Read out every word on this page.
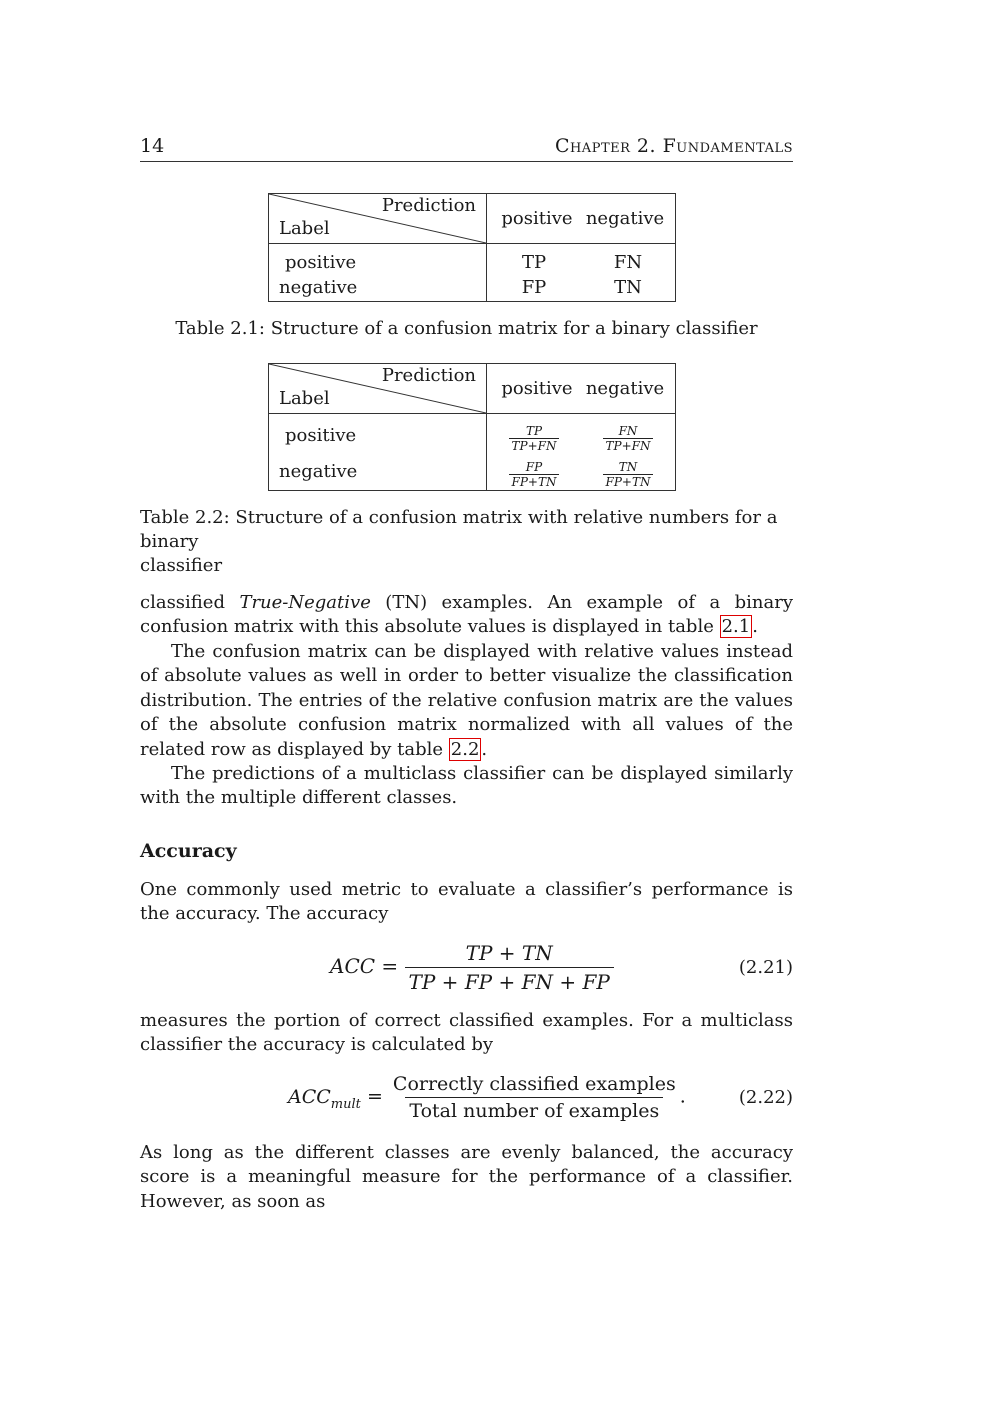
14	Chapter 2. Fundamentals
Prediction
Label	positive	negative
positive	TP	FN
negative	FP	TN
Table 2.1: Structure of a confusion matrix for a binary classifier
Prediction
Label	positive	negative
positive	$\frac{TP}{TP+FN}$	$\frac{FN}{TP+FN}$

negative	$\frac{FP}{FP+TN}$	$\frac{TN}{FP+TN}$
Table 2.2: Structure of a confusion matrix with relative numbers for a binary
classifier
classified True-Negative (TN) examples. An example of a binary confusion matrix with this absolute values is displayed in table 2.1 .
The confusion matrix can be displayed with relative values instead of absolute values as well in order to better visualize the classification distribution. The entries of the relative confusion matrix are the values of the absolute confusion matrix normalized with all values of the related row as displayed by table 2.2 .
The predictions of a multiclass classifier can be displayed similarly with the multiple different classes.
Accuracy
One commonly used metric to evaluate a classifier’s performance is the accuracy. The accuracy
ACC = $\frac{TP + TN}{TP + FP + FN + FP}$	(2.21)
measures the portion of correct classified examples. For a multiclass classifier the accuracy is calculated by
$ACC_{mult} = \frac{\text{Correctly classified examples}}{\text{Total number of examples}}$ .	(2.22)
As long as the different classes are evenly balanced, the accuracy score is a meaningful measure for the performance of a classifier. However, as soon as
